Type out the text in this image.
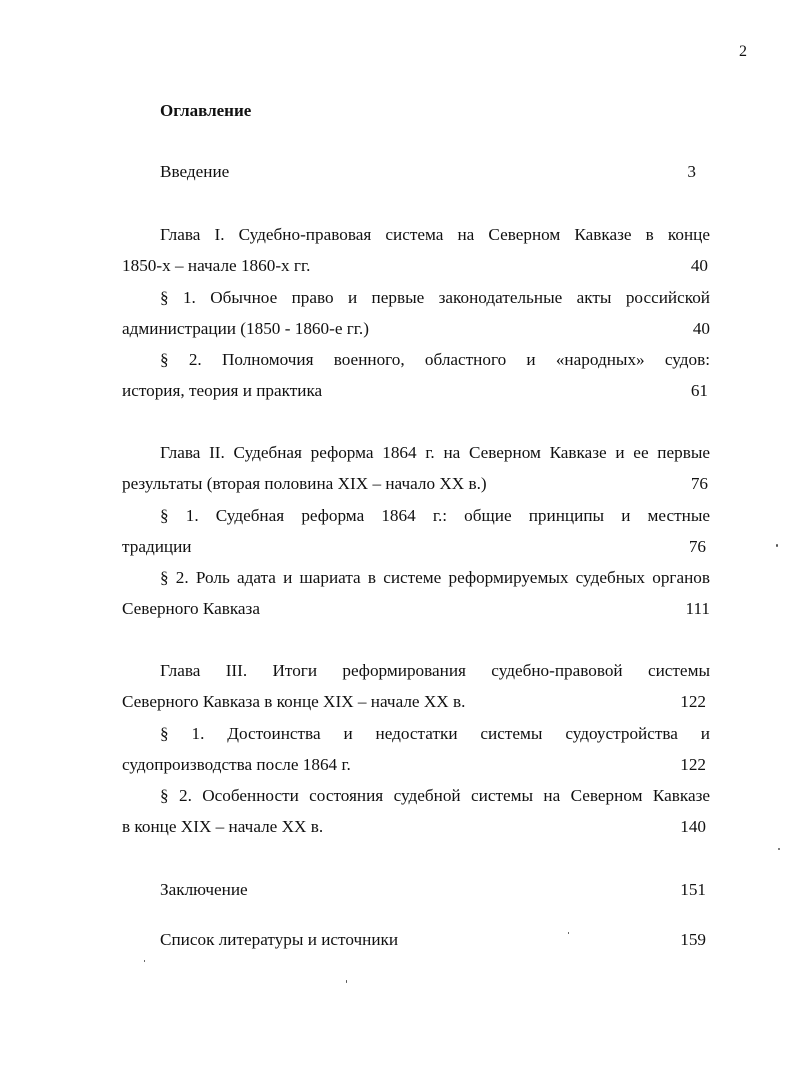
2
Оглавление
Введение	3
Глава I. Судебно-правовая система на Северном Кавказе в конце
1850-х – начале 1860-х гг.	40
§ 1. Обычное право и первые законодательные акты российской
администрации (1850 - 1860-е гг.)	40
§ 2. Полномочия военного, областного и «народных» судов:
история, теория и практика	61
Глава II. Судебная реформа 1864 г. на Северном Кавказе и ее первые
результаты (вторая половина XIX – начало XX в.)	76
§ 1. Судебная реформа 1864 г.: общие принципы и местные
традиции	76
§ 2. Роль адата и шариата в системе реформируемых судебных органов
Северного Кавказа	111
Глава III. Итоги реформирования судебно-правовой системы
Северного Кавказа в конце XIX – начале XX в.	122
§ 1. Достоинства и недостатки системы судоустройства и
судопроизводства после 1864 г.	122
§ 2. Особенности состояния судебной системы на Северном Кавказе
в конце XIX – начале XX в.	140
Заключение	151
Список литературы и источники	159
